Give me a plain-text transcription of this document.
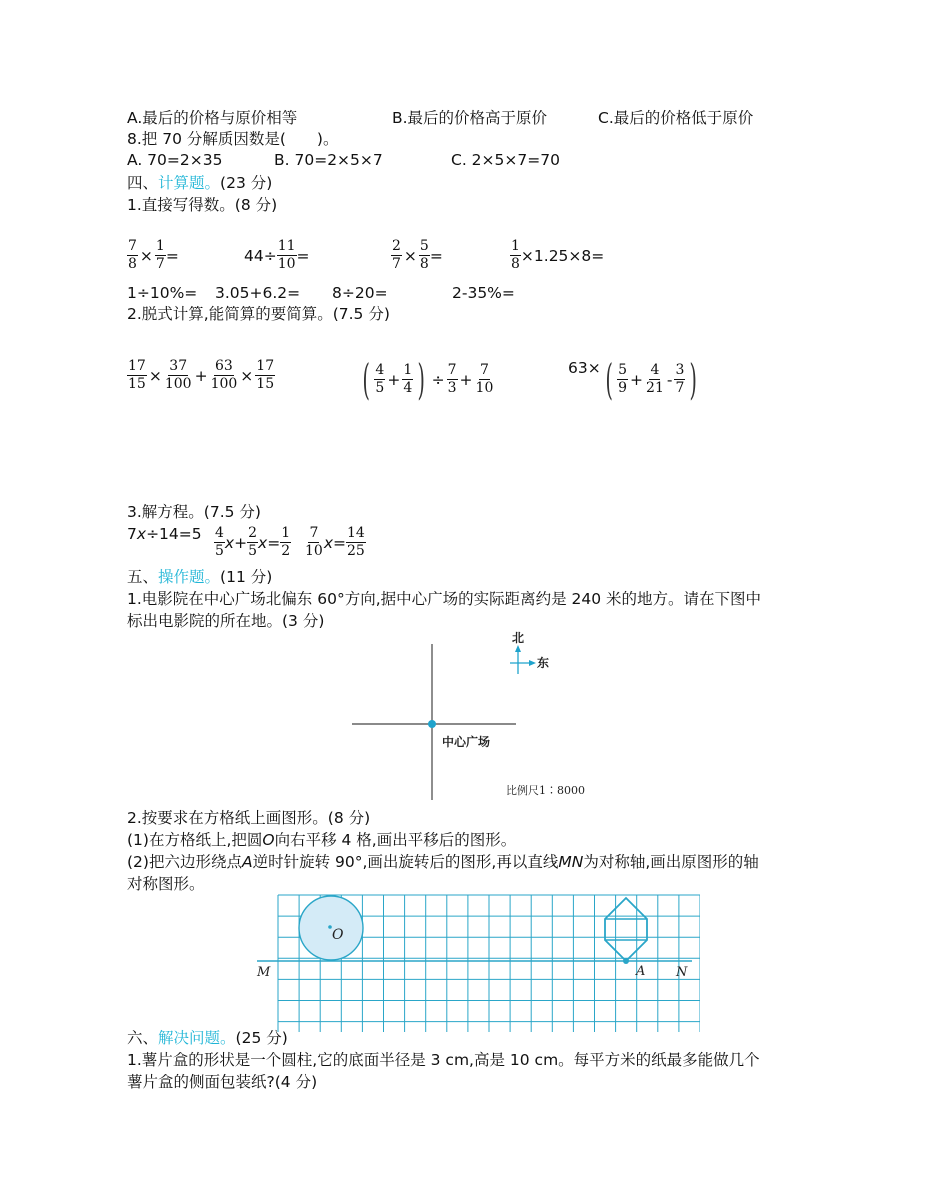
A.最后的价格与原价相等	B.最后的价格高于原价	C.最后的价格低于原价
8.把 70 分解质因数是(　　)。
A. 70=2×35	B. 70=2×5×7	C. 2×5×7=70
四、计算题。(23 分)
1.直接写得数。(8 分)
$\frac{7}{8} \times \frac{1}{7}$ =	$44\div \frac{11}{10}$ =	$\frac{2}{7} \times \frac{5}{8}$ =	$\frac{1}{8} \times 1.25\times 8=$
1÷10%= 3.05+6.2= 8÷20=	2-35%=
2.脱式计算,能简算的要简算。(7.5 分)
$\frac{17}{15} \times \frac{37}{100} + \frac{63}{100} \times \frac{17}{15}$ ( $\frac{4}{5} + \frac{1}{4}$ ) ÷ $\frac{7}{3} + \frac{7}{10}$	63× ( $\frac{5}{9} + \frac{4}{21} - \frac{3}{7}$ )
3.解方程。(7.5 分)
7 $x \div 14=5 \frac{4}{5}$ $x + \frac{2}{5}$ $x = \frac{1}{2} \frac{7}{10}$ $x = \frac{14}{25}$
五、操作题。(11 分)
1.电影院在中心广场北偏东 60°方向,据中心广场的实际距离约是 240 米的地方。请在下图中
标出电影院的所在地。(3 分)
北
东
中心广场
比例尺1∶8000
2.按要求在方格纸上画图形。(8 分)
(1)在方格纸上,把圆O向右平移 4 格,画出平移后的图形。
(2)把六边形绕点A逆时针旋转 90°,画出旋转后的图形,再以直线MN为对称轴,画出原图形的轴
对称图形。
O
A
M	N
六、解决问题。(25 分)
1.薯片盒的形状是一个圆柱,它的底面半径是 3 cm,高是 10 cm。每平方米的纸最多能做几个
薯片盒的侧面包装纸?(4 分)
